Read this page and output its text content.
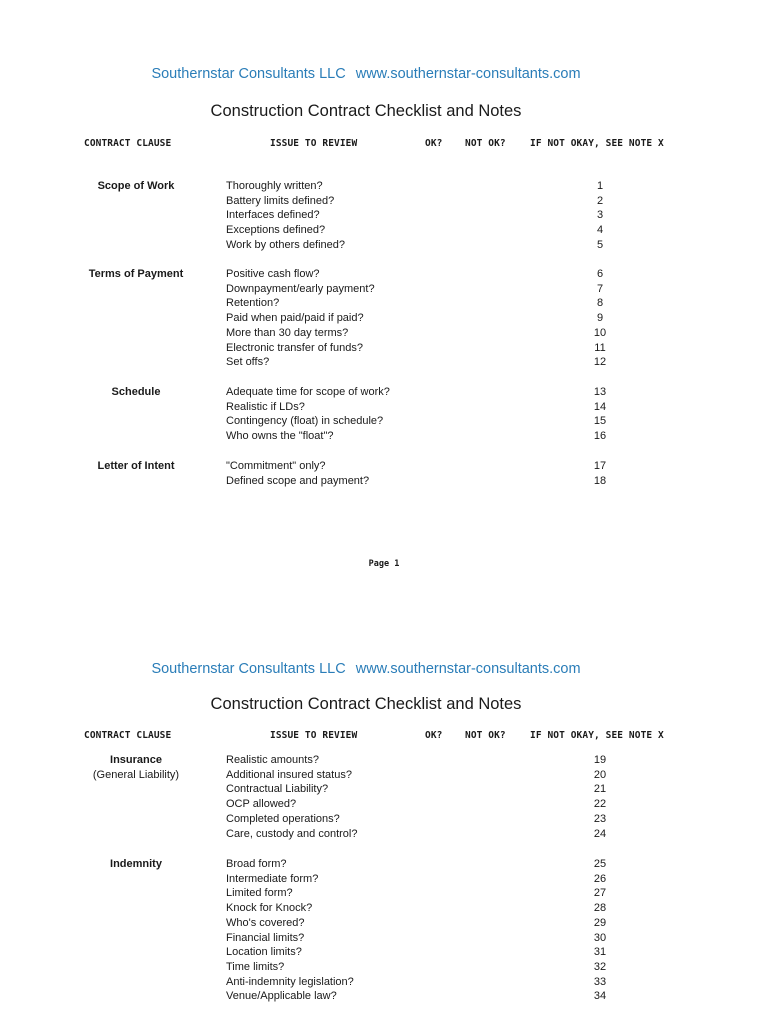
Southernstar Consultants LLC www.southernstar-consultants.com
Construction Contract Checklist and Notes
CONTRACT CLAUSE	ISSUE TO REVIEW	OK? NOT OK?	IF NOT OKAY, SEE NOTE X
Scope of Work	Thoroughly written?	1
Battery limits defined?	2
Interfaces defined?	3
Exceptions defined?	4
Work by others defined?	5
Terms of Payment	Positive cash flow?	6
Downpayment/early payment?	7
Retention?	8
Paid when paid/paid if paid?	9
More than 30 day terms?	10
Electronic transfer of funds?	11
Set offs?	12
Schedule	Adequate time for scope of work?	13
Realistic if LDs?	14
Contingency (float) in schedule?	15
Who owns the "float"?	16
Letter of Intent	"Commitment" only?	17
Defined scope and payment?	18
Page 1
Southernstar Consultants LLC www.southernstar-consultants.com
Construction Contract Checklist and Notes
CONTRACT CLAUSE	ISSUE TO REVIEW	OK? NOT OK?	IF NOT OKAY, SEE NOTE X
Insurance
(General Liability)
Realistic amounts?	19
Additional insured status?	20
Contractual Liability?	21
OCP allowed?	22
Completed operations?	23
Care, custody and control?	24
Indemnity	Broad form?	25
Intermediate form?	26
Limited form?	27
Knock for Knock?	28
Who's covered?	29
Financial limits?	30
Location limits?	31
Time limits?	32
Anti-indemnity legislation?	33
Venue/Applicable law?	34
